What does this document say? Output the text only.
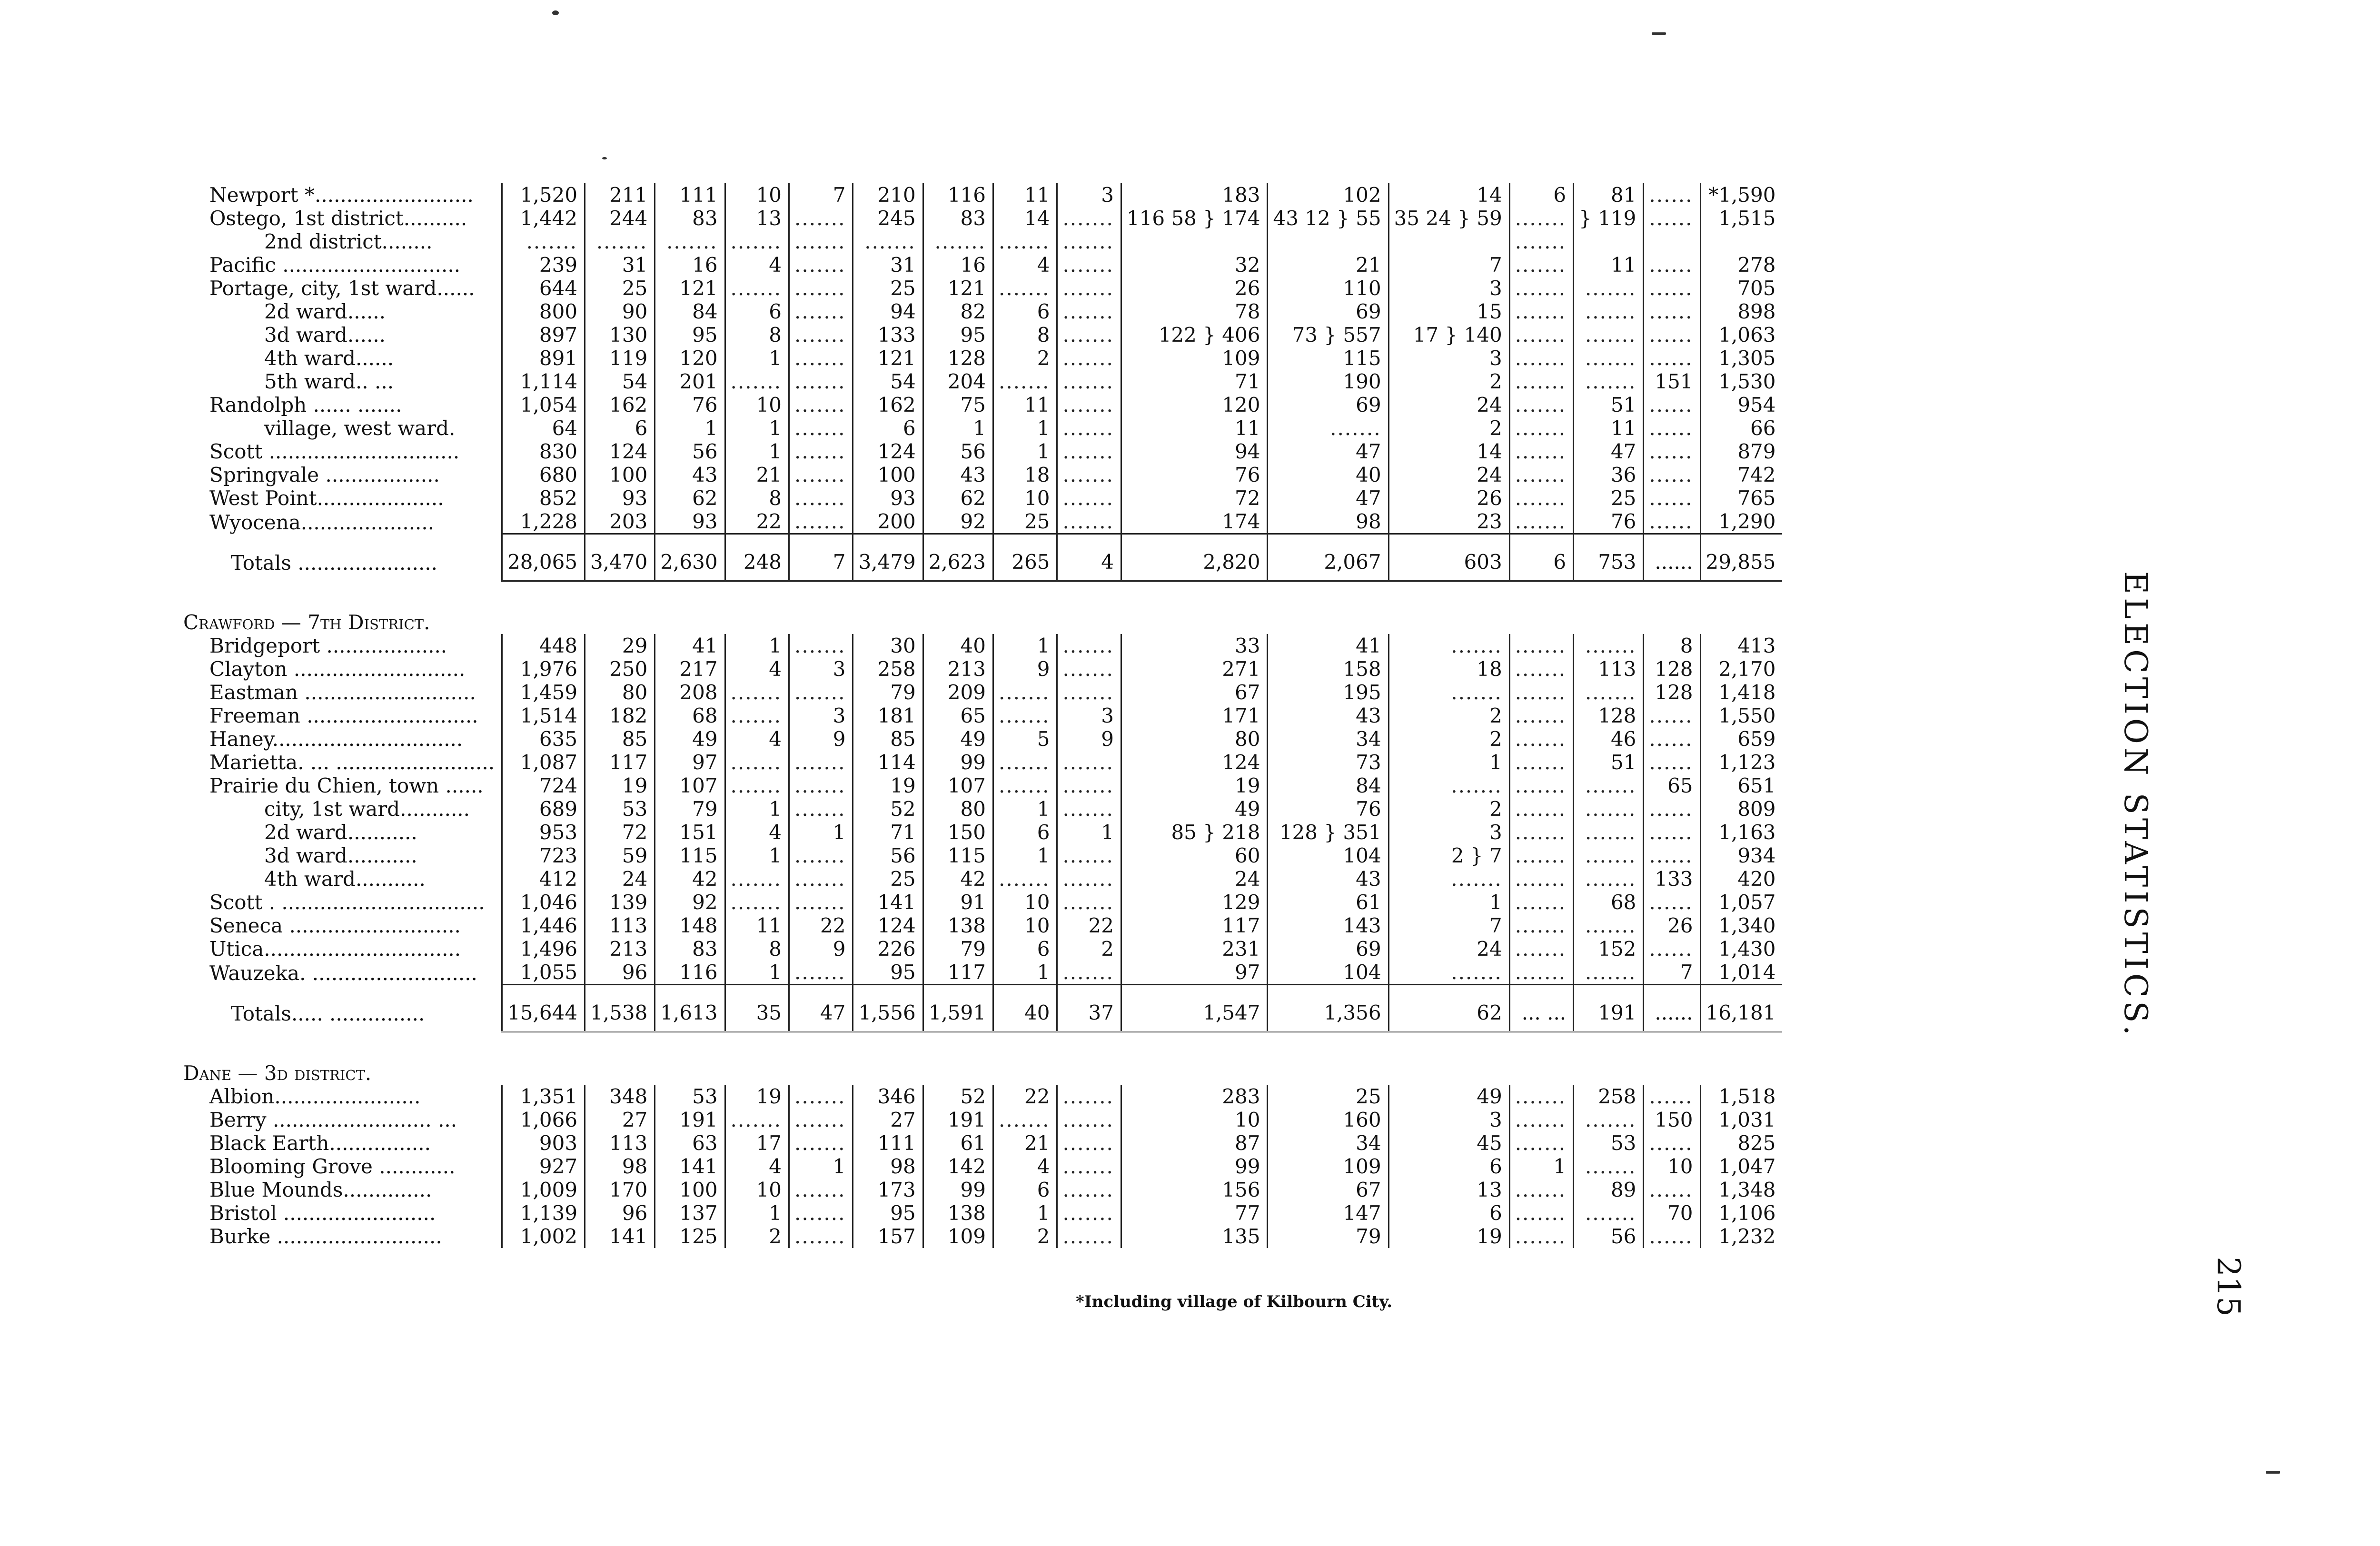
Newport *.........................	1,520	211	111	10	7	210	116	11	3	183	102	14	6	81	......	*1,590
Ostego, 1st district..........	1,442	244	83	13	.......	245	83	14	.......	116 58 } 174	43 12 } 55	35 24 } 59	.......	} 119	......	1,515
2nd district........	.......	.......	.......	.......	.......	.......	.......	.......	.......				.......			
Pacific ............................	239	31	16	4	.......	31	16	4	.......	32	21	7	.......	11	......	278
Portage, city, 1st ward......	644	25	121	.......	.......	25	121	.......	.......	26	110	3	.......	.......	......	705
2d ward......	800	90	84	6	.......	94	82	6	.......	78	69	15	.......	.......	......	898
3d ward......	897	130	95	8	.......	133	95	8	.......	122 } 406	73 } 557	17 } 140	.......	.......	......	1,063
4th ward......	891	119	120	1	.......	121	128	2	.......	109	115	3	.......	.......	......	1,305
5th ward.. ...	1,114	54	201	.......	.......	54	204	.......	.......	71	190	2	.......	.......	151	1,530
Randolph ...... .......	1,054	162	76	10	.......	162	75	11	.......	120	69	24	.......	51	......	954
village, west ward.	64	6	1	1	.......	6	1	1	.......	11	.......	2	.......	11	......	66
Scott ..............................	830	124	56	1	.......	124	56	1	.......	94	47	14	.......	47	......	879
Springvale ..................	680	100	43	21	.......	100	43	18	.......	76	40	24	.......	36	......	742
West Point....................	852	93	62	8	.......	93	62	10	.......	72	47	26	.......	25	......	765
Wyocena.....................	1,228	203	93	22	.......	200	92	25	.......	174	98	23	.......	76	......	1,290
Totals ......................	28,065	3,470	2,630	248	7	3,479	2,623	265	4	2,820	2,067	603	6	753	......	29,855
Crawford — 7th District.																
Bridgeport ...................	448	29	41	1	.......	30	40	1	.......	33	41	.......	.......	.......	8	413
Clayton ...........................	1,976	250	217	4	3	258	213	9	.......	271	158	18	.......	113	128	2,170
Eastman ...........................	1,459	80	208	.......	.......	79	209	.......	.......	67	195	.......	.......	.......	128	1,418
Freeman ...........................	1,514	182	68	.......	3	181	65	.......	3	171	43	2	.......	128	......	1,550
Haney..............................	635	85	49	4	9	85	49	5	9	80	34	2	.......	46	......	659
Marietta. ... .........................	1,087	117	97	.......	.......	114	99	.......	.......	124	73	1	.......	51	......	1,123
Prairie du Chien, town ......	724	19	107	.......	.......	19	107	.......	.......	19	84	.......	.......	.......	65	651
city, 1st ward...........	689	53	79	1	.......	52	80	1	.......	49	76	2	.......	.......	......	809
2d ward...........	953	72	151	4	1	71	150	6	1	85 } 218	128 } 351	3	.......	.......	......	1,163
3d ward...........	723	59	115	1	.......	56	115	1	.......	60	104	2 } 7	.......	.......	......	934
4th ward...........	412	24	42	.......	.......	25	42	.......	.......	24	43	.......	.......	.......	133	420
Scott . ................................	1,046	139	92	.......	.......	141	91	10	.......	129	61	1	.......	68	......	1,057
Seneca ...........................	1,446	113	148	11	22	124	138	10	22	117	143	7	.......	.......	26	1,340
Utica...............................	1,496	213	83	8	9	226	79	6	2	231	69	24	.......	152	......	1,430
Wauzeka. ..........................	1,055	96	116	1	.......	95	117	1	.......	97	104	.......	.......	.......	7	1,014
Totals..... ...............	15,644	1,538	1,613	35	47	1,556	1,591	40	37	1,547	1,356	62	... ...	191	......	16,181
Dane — 3d district.																
Albion.......................	1,351	348	53	19	.......	346	52	22	.......	283	25	49	.......	258	......	1,518
Berry ......................... ...	1,066	27	191	.......	.......	27	191	.......	.......	10	160	3	.......	.......	150	1,031
Black Earth................	903	113	63	17	.......	111	61	21	.......	87	34	45	.......	53	......	825
Blooming Grove ............	927	98	141	4	1	98	142	4	.......	99	109	6	1	.......	10	1,047
Blue Mounds..............	1,009	170	100	10	.......	173	99	6	.......	156	67	13	.......	89	......	1,348
Bristol ........................	1,139	96	137	1	.......	95	138	1	.......	77	147	6	.......	.......	70	1,106
Burke ..........................	1,002	141	125	2	.......	157	109	2	.......	135	79	19	.......	56	......	1,232
ELECTION STATISTICS.
215
*Including village of Kilbourn City.
